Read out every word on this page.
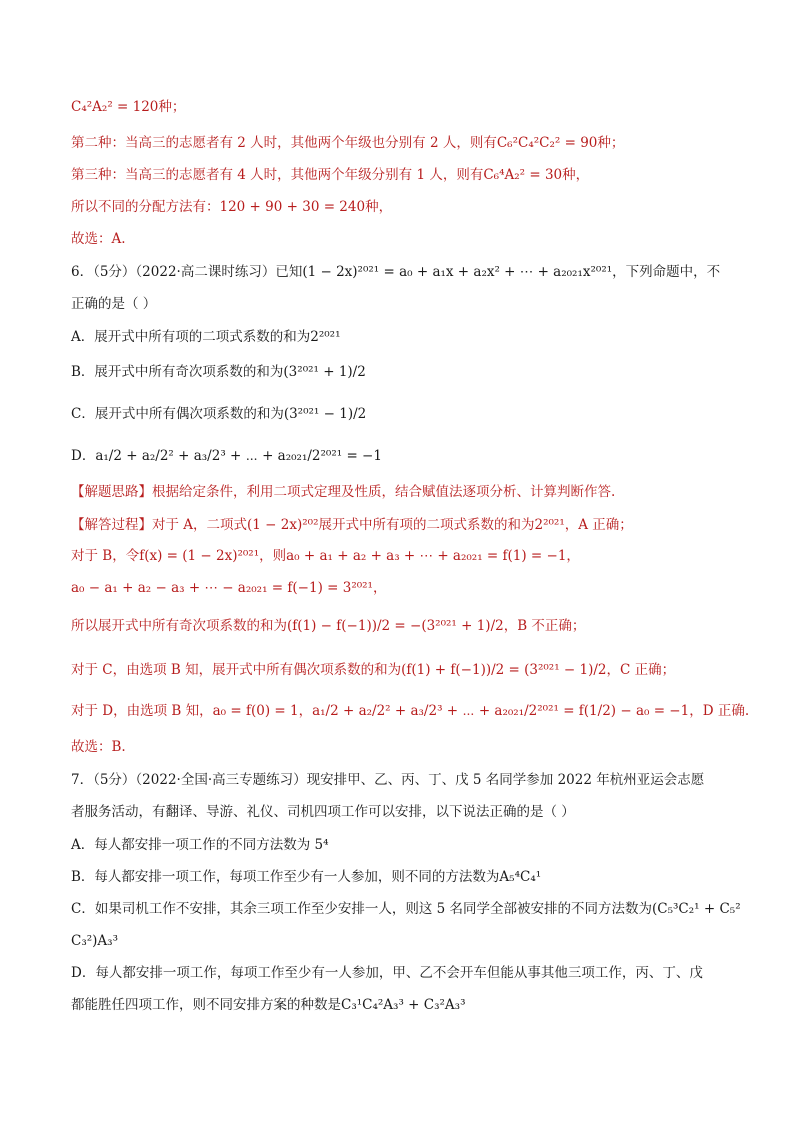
C₄²A₂² = 120种；
第二种：当高三的志愿者有 2 人时，其他两个年级也分别有 2 人，则有C₆²C₄²C₂² = 90种；
第三种：当高三的志愿者有 4 人时，其他两个年级分别有 1 人，则有C₆⁴A₂² = 30种，
所以不同的分配方法有：120 + 90 + 30 = 240种，
故选：A.
6．（5分）（2022·高二课时练习）已知(1 − 2x)²⁰²¹ = a₀ + a₁x + a₂x² + ⋯ + a₂₀₂₁x²⁰²¹，下列命题中，不
正确的是（ ）
A．展开式中所有项的二项式系数的和为2²⁰²¹
B．展开式中所有奇次项系数的和为(3²⁰²¹ + 1)/2
C．展开式中所有偶次项系数的和为(3²⁰²¹ − 1)/2
D．a₁/2 + a₂/2² + a₃/2³ + ⋯ + a₂₀₂₁/2²⁰²¹ = −1
【解题思路】根据给定条件，利用二项式定理及性质，结合赋值法逐项分析、计算判断作答.
【解答过程】对于 A，二项式(1 − 2x)²⁰²展开式中所有项的二项式系数的和为2²⁰²¹，A 正确；
对于 B，令f(x) = (1 − 2x)²⁰²¹，则a₀ + a₁ + a₂ + a₃ + ⋯ + a₂₀₂₁ = f(1) = −1，
a₀ − a₁ + a₂ − a₃ + ⋯ − a₂₀₂₁ = f(−1) = 3²⁰²¹，
所以展开式中所有奇次项系数的和为(f(1) − f(−1))/2 = −(3²⁰²¹ + 1)/2，B 不正确；
对于 C，由选项 B 知，展开式中所有偶次项系数的和为(f(1) + f(−1))/2 = (3²⁰²¹ − 1)/2，C 正确；
对于 D，由选项 B 知，a₀ = f(0) = 1，a₁/2 + a₂/2² + a₃/2³ + ⋯ + a₂₀₂₁/2²⁰²¹ = f(1/2) − a₀ = −1，D 正确.
故选：B.
7．（5分）（2022·全国·高三专题练习）现安排甲、乙、丙、丁、戊 5 名同学参加 2022 年杭州亚运会志愿
者服务活动，有翻译、导游、礼仪、司机四项工作可以安排，以下说法正确的是（ ）
A．每人都安排一项工作的不同方法数为 5⁴
B．每人都安排一项工作，每项工作至少有一人参加，则不同的方法数为A₅⁴C₄¹
C．如果司机工作不安排，其余三项工作至少安排一人，则这 5 名同学全部被安排的不同方法数为(C₅³C₂¹ + C₅²
C₃²)A₃³
D．每人都安排一项工作，每项工作至少有一人参加，甲、乙不会开车但能从事其他三项工作，丙、丁、戊
都能胜任四项工作，则不同安排方案的种数是C₃¹C₄²A₃³ + C₃²A₃³
